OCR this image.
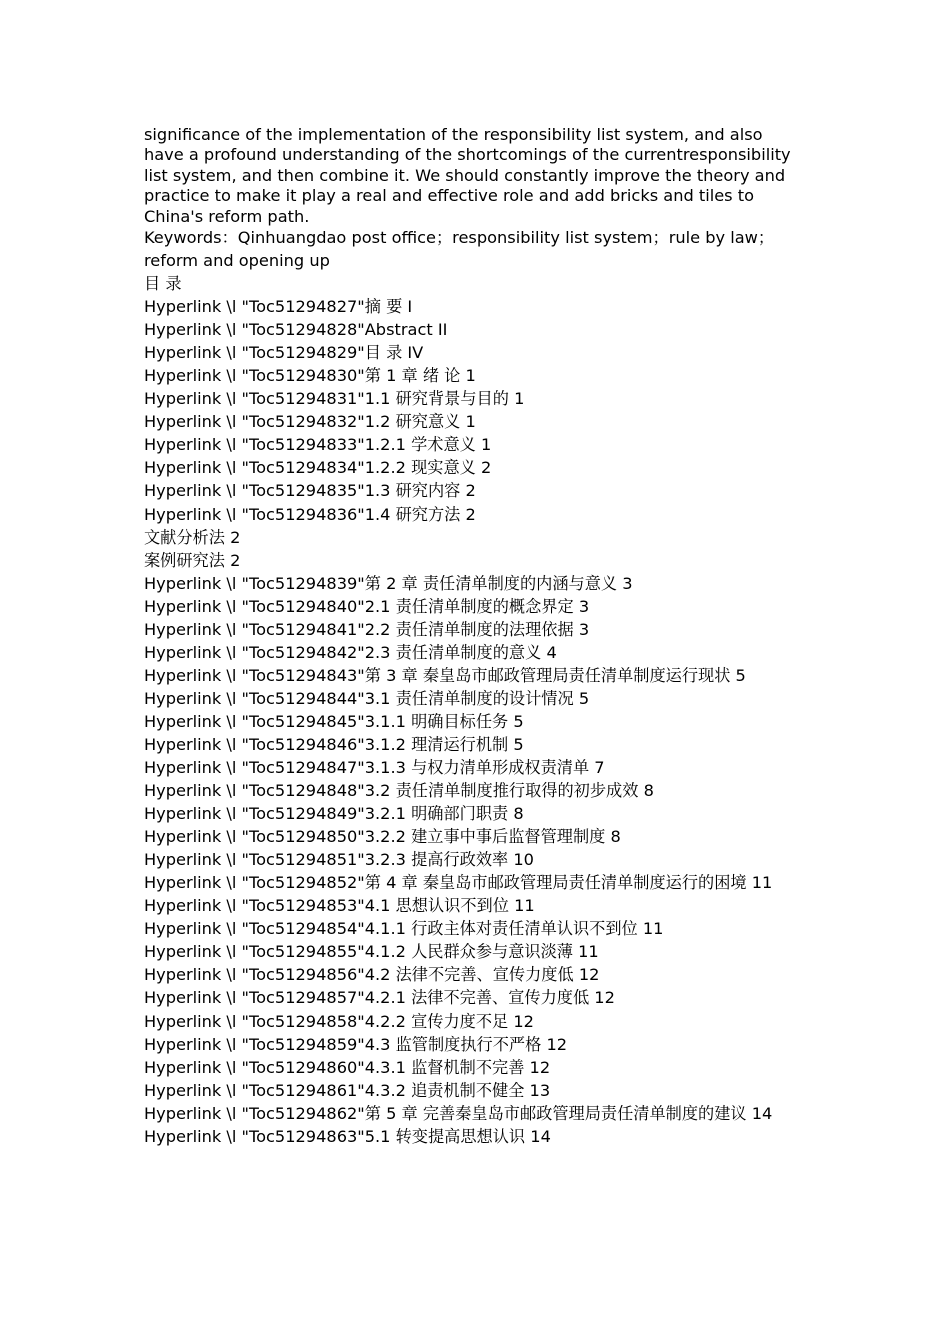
significance of the implementation of the responsibility list system, and also have a profound understanding of the shortcomings of the currentresponsibility list system, and then combine it. We should constantly improve the theory and practice to make it play a real and effective role and add bricks and tiles to China's reform path.

Keywords：Qinhuangdao post office；responsibility list system；rule by law；

reform and opening up

目 录

Hyperlink \l "Toc51294827"摘 要 I

Hyperlink \l "Toc51294828"Abstract II

Hyperlink \l "Toc51294829"目 录 IV

Hyperlink \l "Toc51294830"第 1 章 绪 论 1

Hyperlink \l "Toc51294831"1.1 研究背景与目的 1

Hyperlink \l "Toc51294832"1.2 研究意义 1

Hyperlink \l "Toc51294833"1.2.1 学术意义 1

Hyperlink \l "Toc51294834"1.2.2 现实意义 2

Hyperlink \l "Toc51294835"1.3 研究内容 2

Hyperlink \l "Toc51294836"1.4 研究方法 2

文献分析法 2

案例研究法 2

Hyperlink \l "Toc51294839"第 2 章 责任清单制度的内涵与意义 3

Hyperlink \l "Toc51294840"2.1 责任清单制度的概念界定 3

Hyperlink \l "Toc51294841"2.2 责任清单制度的法理依据 3

Hyperlink \l "Toc51294842"2.3 责任清单制度的意义 4

Hyperlink \l "Toc51294843"第 3 章 秦皇岛市邮政管理局责任清单制度运行现状 5

Hyperlink \l "Toc51294844"3.1 责任清单制度的设计情况 5

Hyperlink \l "Toc51294845"3.1.1 明确目标任务 5

Hyperlink \l "Toc51294846"3.1.2 理清运行机制 5

Hyperlink \l "Toc51294847"3.1.3 与权力清单形成权责清单 7

Hyperlink \l "Toc51294848"3.2 责任清单制度推行取得的初步成效 8

Hyperlink \l "Toc51294849"3.2.1 明确部门职责 8

Hyperlink \l "Toc51294850"3.2.2 建立事中事后监督管理制度 8

Hyperlink \l "Toc51294851"3.2.3 提高行政效率 10

Hyperlink \l "Toc51294852"第 4 章 秦皇岛市邮政管理局责任清单制度运行的困境 11

Hyperlink \l "Toc51294853"4.1 思想认识不到位 11

Hyperlink \l "Toc51294854"4.1.1 行政主体对责任清单认识不到位 11

Hyperlink \l "Toc51294855"4.1.2 人民群众参与意识淡薄 11

Hyperlink \l "Toc51294856"4.2 法律不完善、宣传力度低 12

Hyperlink \l "Toc51294857"4.2.1 法律不完善、宣传力度低 12

Hyperlink \l "Toc51294858"4.2.2 宣传力度不足 12

Hyperlink \l "Toc51294859"4.3 监管制度执行不严格 12

Hyperlink \l "Toc51294860"4.3.1 监督机制不完善 12

Hyperlink \l "Toc51294861"4.3.2 追责机制不健全 13

Hyperlink \l "Toc51294862"第 5 章 完善秦皇岛市邮政管理局责任清单制度的建议 14

Hyperlink \l "Toc51294863"5.1 转变提高思想认识 14
